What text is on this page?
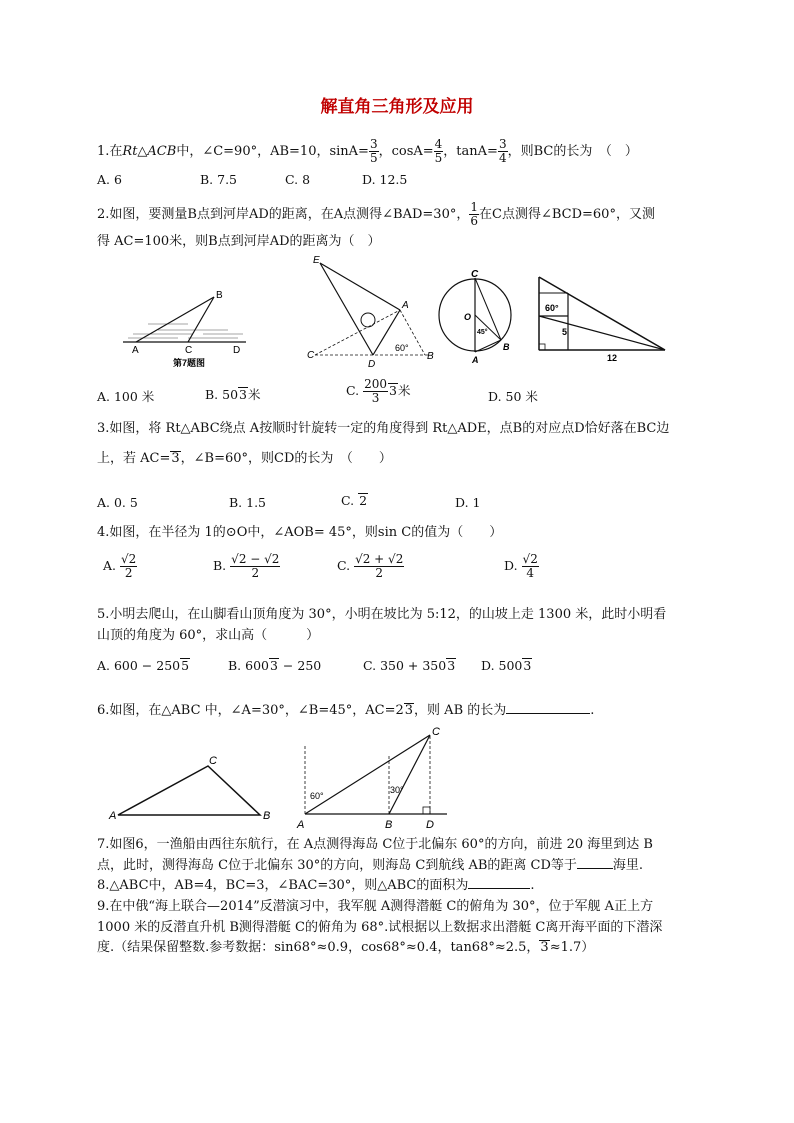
解直角三角形及应用
1.在Rt△ACB中，∠C=90°，AB=10，$\sin A= \frac{3}{5}$ ，$\cos A= \frac{4}{5}$ ，$\tan A= \frac{3}{4}$ ，则BC的长为　（　）
A. 6	B. 7.5	C. 8	D. 12.5
2.如图，要测量B点到河岸AD的距离，在A点测得∠BAD=30°， $\frac{1}{6}$ 在C点测得∠BCD=60°，又测
得 AC=100米，则B点到河岸AD的距离为（　）
B
A	C	D
第7题图
E
A
C
D
B
60°
C
O
A
B
45°
60°
5
12
A. 100 米	B. 503米	C. $\frac{200}{3} 3$米	D. 50 米
3.如图，将 Rt△ABC绕点 A按顺时针旋转一定的角度得到 Rt△ADE，点B的对应点D恰好落在BC边
上，若 AC=3，∠B=60°，则CD的长为　（　　）
A. 0. 5	B. 1.5	C. 2	D. 1
4.如图，在半径为 1的⊙O中，∠AOB= 45°，则sin C的值为（　　）
A. $\frac{√2}{2}$	B. $\frac{√2 - √2}{2}$	C. $\frac{√2 + √2}{2}$	D. $\frac{√2}{4}$
5.小明去爬山，在山脚看山顶角度为 30°，小明在坡比为 5:12，的山坡上走 1300 米，此时小明看
山顶的角度为 60°，求山高（　　　）
A. 600 − 2505	B. 6003 − 250	C. 350 + 3503 D. 5003
6.如图，在△ABC 中，∠A=30°，∠B=45°，AC=23，则 AB 的长为	.
A
C
B
60°
30°
C
A	B	D
7.如图6，一渔船由西往东航行，在 A点测得海岛 C位于北偏东 60°的方向，前进 20 海里到达 B
点，此时，测得海岛 C位于北偏东 30°的方向，则海岛 C到航线 AB的距离 CD等于	海里.
8.△ABC中，AB=4，BC=3，∠BAC=30°，则△ABC的面积为	.
9.在中俄“海上联合—2014”反潜演习中，我军舰 A测得潜艇 C的俯角为 30°，位于军舰 A正上方
1000 米的反潜直升机 B测得潜艇 C的俯角为 68°.试根据以上数据求出潜艇 C离开海平面的下潜深
度.（结果保留整数.参考数据：sin68°≈0.9，cos68°≈0.4，tan68°≈2.5，3≈1.7）
